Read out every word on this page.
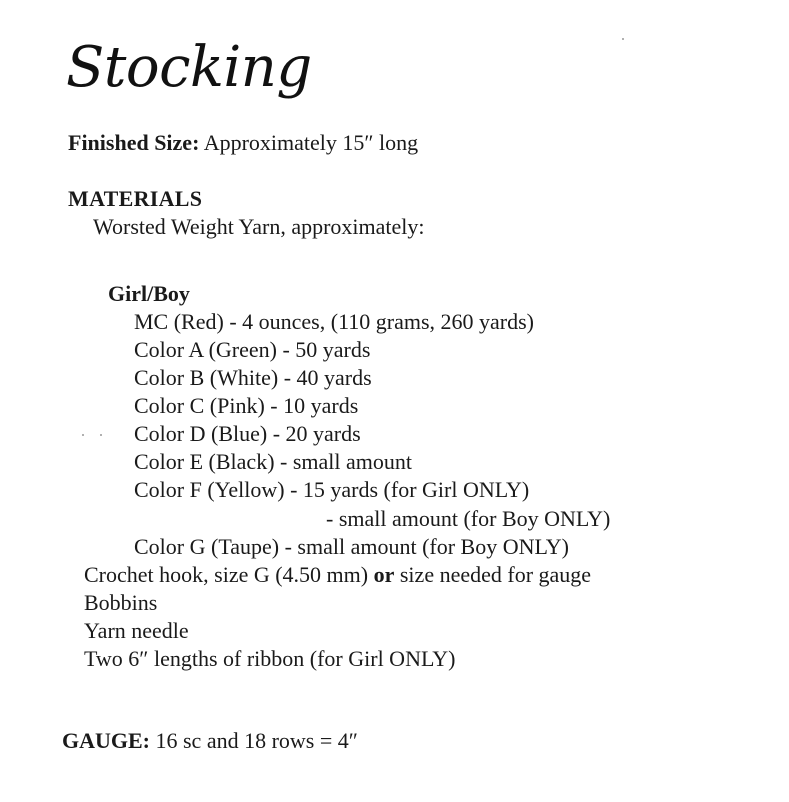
Stocking
Finished Size: Approximately 15″ long
MATERIALS
Worsted Weight Yarn, approximately:
Girl/Boy
MC (Red) - 4 ounces, (110 grams, 260 yards)
Color A (Green) - 50 yards
Color B (White) - 40 yards
Color C (Pink) - 10 yards
Color D (Blue) - 20 yards
Color E (Black) - small amount
Color F (Yellow) - 15 yards (for Girl ONLY)
- small amount (for Boy ONLY)
Color G (Taupe) - small amount (for Boy ONLY)
Crochet hook, size G (4.50 mm) or size needed for gauge
Bobbins
Yarn needle
Two 6″ lengths of ribbon (for Girl ONLY)
GAUGE: 16 sc and 18 rows = 4″
